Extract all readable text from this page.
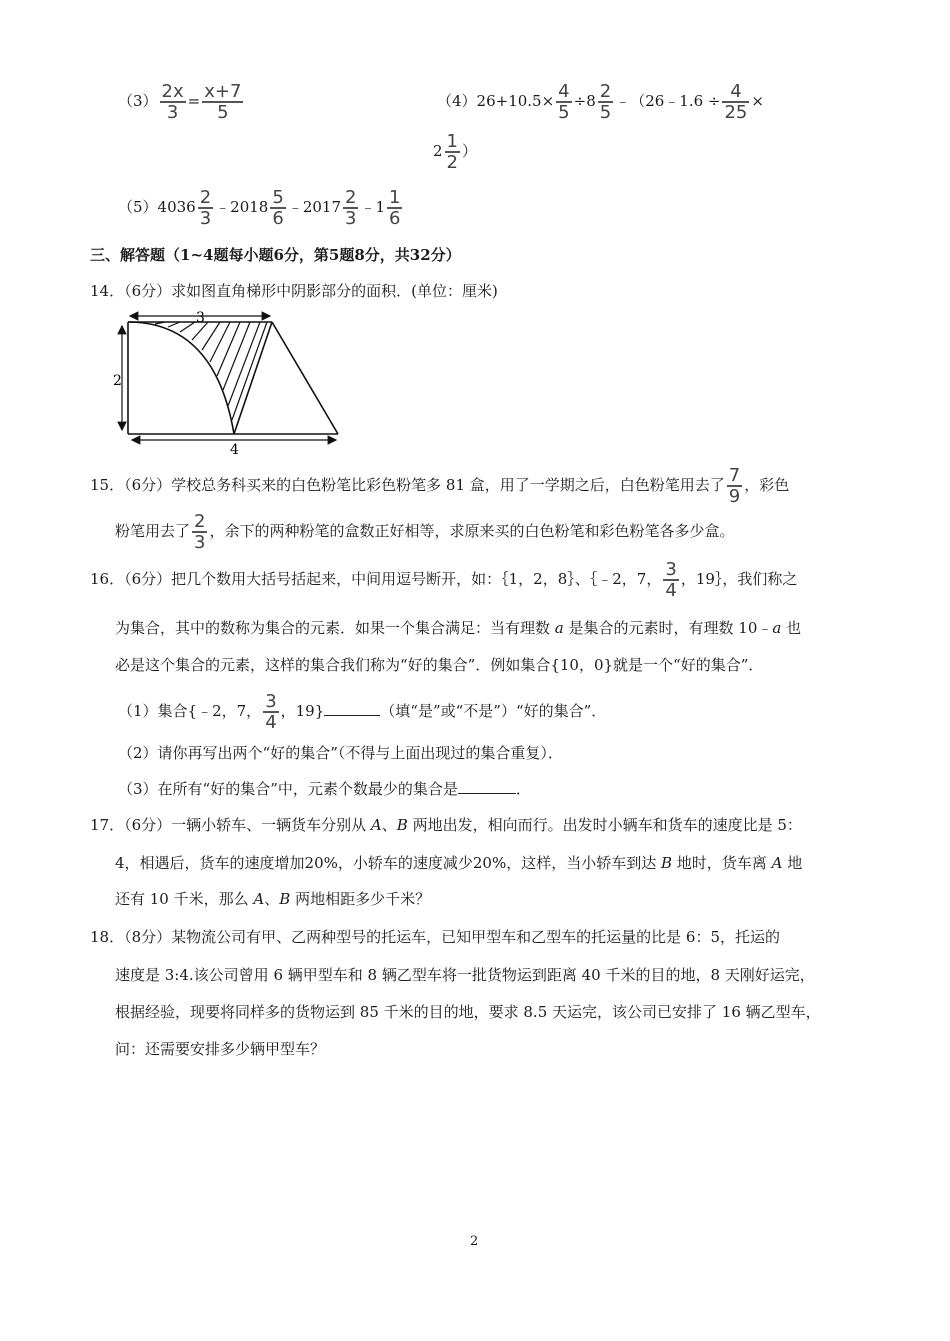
$(3) \frac{2x}{3} = \frac{x+7}{5}$	$(4)26+10.5\times \frac{4}{5} \div 8 \frac{2}{5}$ ﹣（26﹣1.6 ÷ $\frac{4}{25}$ ×
$2 \frac{1}{2}$ ）
$(5)4036 \frac{2}{3}$ ﹣2018 $\frac{5}{6}$ ﹣2017 $\frac{2}{3}$ ﹣1 $\frac{1}{6}$
三、解答题（1~4题每小题6分，第5题8分，共32分）
14．（6分）求如图直角梯形中阴影部分的面积．(单位：厘米)
3
2
4
15．（6分）学校总务科买来的白色粉笔比彩色粉笔多 81 盒，用了一学期之后，白色粉笔用去了 $\frac{7}{9}$ ，彩色
粉笔用去了 $\frac{2}{3}$ ，余下的两种粉笔的盒数正好相等，求原来买的白色粉笔和彩色粉笔各多少盒。
16．（6分）把几个数用大括号括起来，中间用逗号断开，如：｛1，2，8｝、｛﹣2，7， $\frac{3}{4}$ ，19｝，我们称之
为集合，其中的数称为集合的元素．如果一个集合满足：当有理数 a 是集合的元素时，有理数 10﹣a 也
必是这个集合的元素，这样的集合我们称为“好的集合”．例如集合{10，0}就是一个“好的集合”．
（1）集合{﹣2，7， $\frac{3}{4}$ ，19}	（填“是”或“不是”）“好的集合”．
（2）请你再写出两个“好的集合”（不得与上面出现过的集合重复）．
（3）在所有“好的集合”中，元素个数最少的集合是	．
17．（6分）一辆小轿车、一辆货车分别从 A、B 两地出发，相向而行。出发时小辆车和货车的速度比是 5：
4，相遇后，货车的速度增加20%，小轿车的速度减少20%，这样，当小轿车到达 B 地时，货车离 A 地
还有 10 千米，那么 A、B 两地相距多少千米？
18．（8分）某物流公司有甲、乙两种型号的托运车，已知甲型车和乙型车的托运量的比是 6：5，托运的
速度是 3:4.该公司曾用 6 辆甲型车和 8 辆乙型车将一批货物运到距离 40 千米的目的地，8 天刚好运完，
根据经验，现要将同样多的货物运到 85 千米的目的地，要求 8.5 天运完，该公司已安排了 16 辆乙型车，
问：还需要安排多少辆甲型车？
2
